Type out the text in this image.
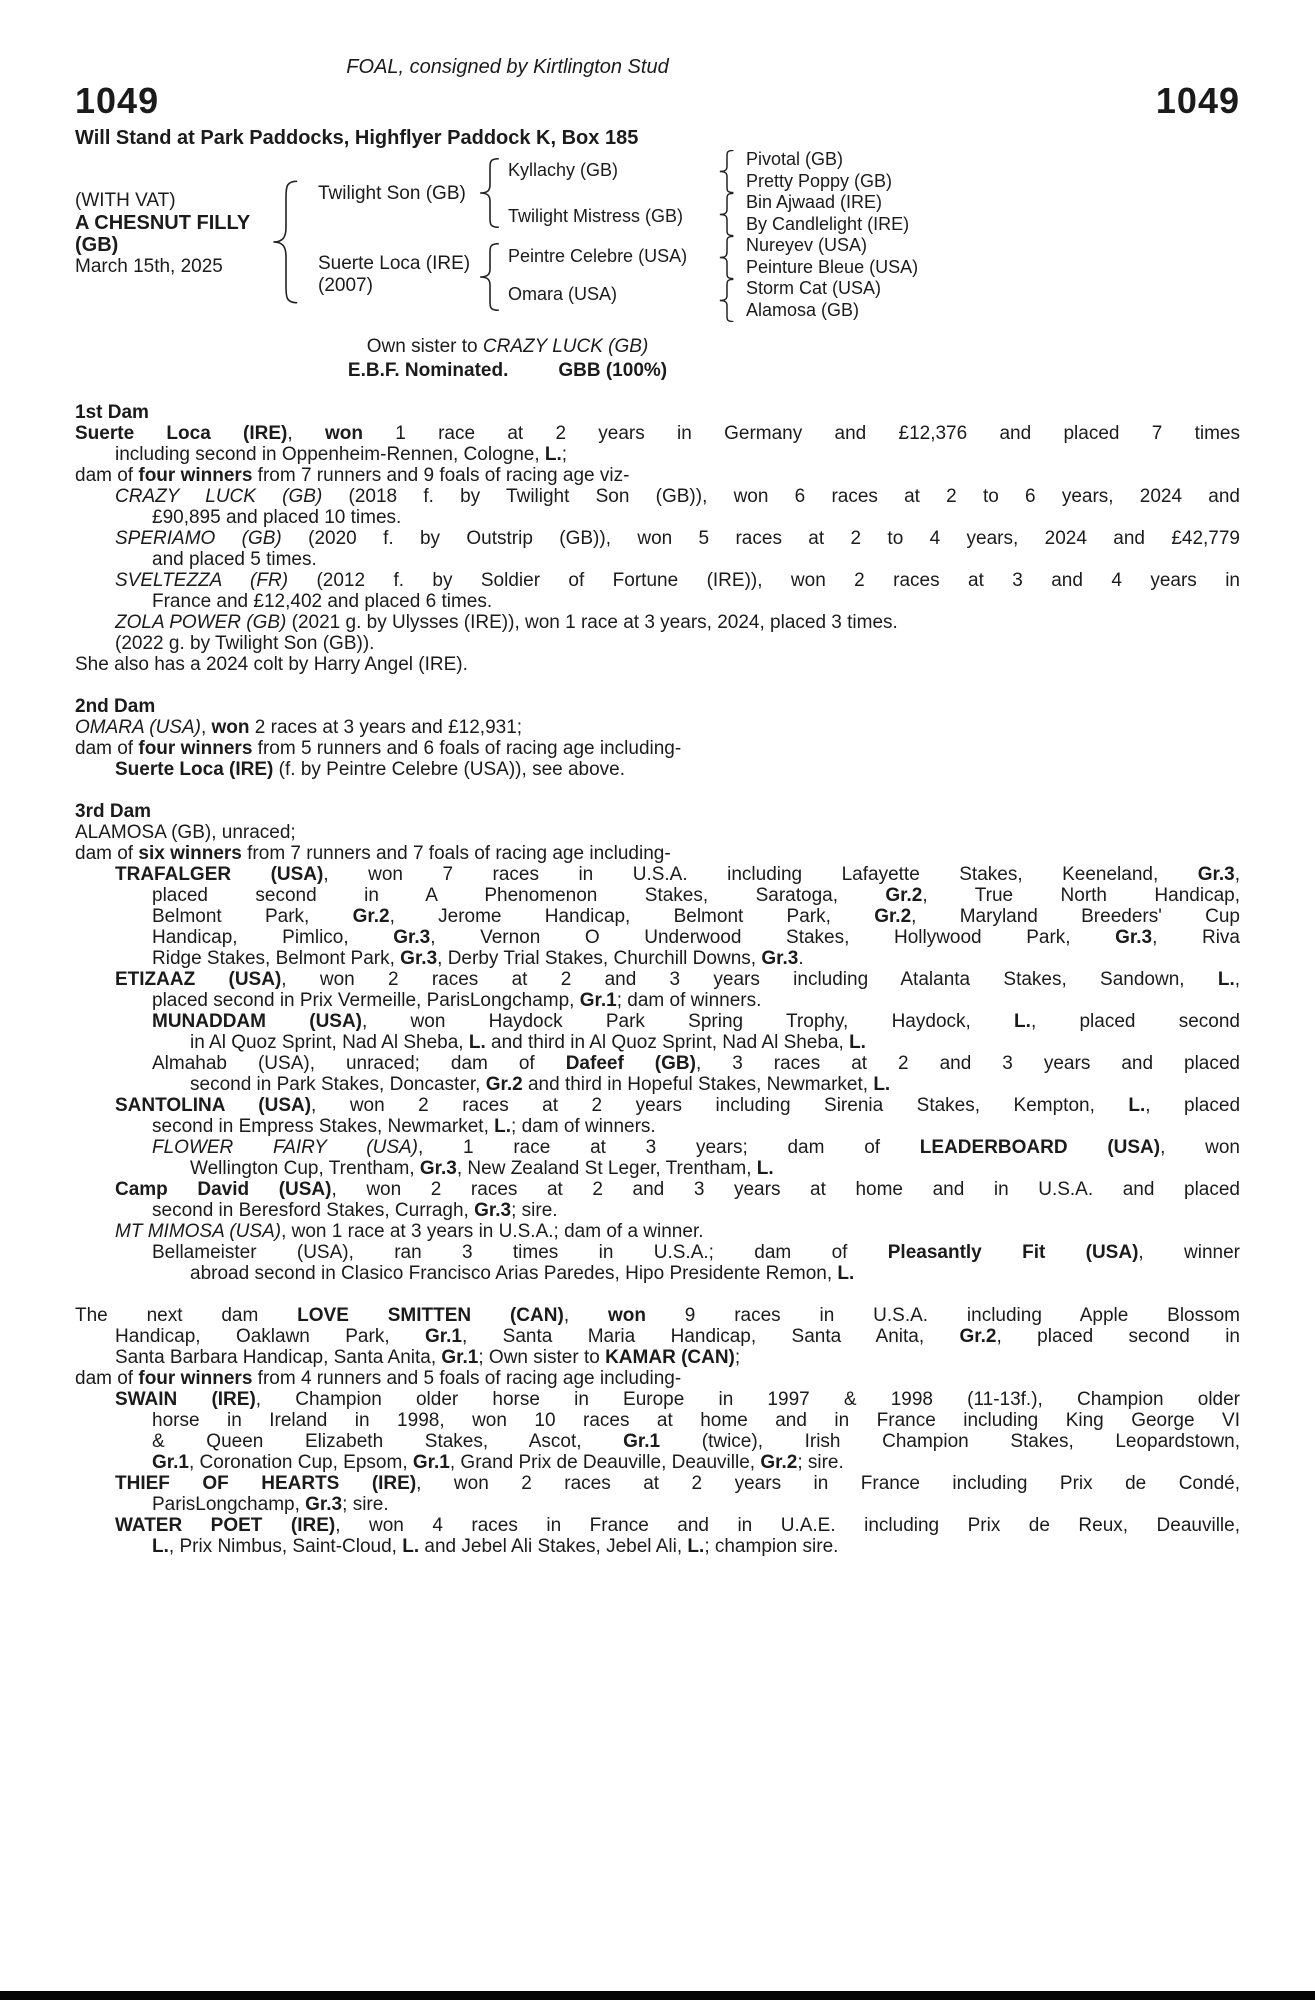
FOAL, consigned by Kirtlington Stud
1049	1049
Will Stand at Park Paddocks, Highflyer Paddock K, Box 185
(WITH VAT)
A CHESNUT FILLY
(GB)
March 15th, 2025
Twilight Son (GB)
Suerte Loca (IRE)
(2007)
Kyllachy (GB)
Twilight Mistress (GB)
Peintre Celebre (USA)
Omara (USA)
Pivotal (GB)
Pretty Poppy (GB)
Bin Ajwaad (IRE)
By Candlelight (IRE)
Nureyev (USA)
Peinture Bleue (USA)
Storm Cat (USA)
Alamosa (GB)
Own sister to CRAZY LUCK (GB)
E.B.F. Nominated.	GBB (100%)
1st Dam
Suerte Loca (IRE), won 1 race at 2 years in Germany and £12,376 and placed 7 times
including second in Oppenheim-Rennen, Cologne, L.;
dam of four winners from 7 runners and 9 foals of racing age viz-
CRAZY LUCK (GB) (2018 f. by Twilight Son (GB)), won 6 races at 2 to 6 years, 2024 and
£90,895 and placed 10 times.
SPERIAMO (GB) (2020 f. by Outstrip (GB)), won 5 races at 2 to 4 years, 2024 and £42,779
and placed 5 times.
SVELTEZZA (FR) (2012 f. by Soldier of Fortune (IRE)), won 2 races at 3 and 4 years in
France and £12,402 and placed 6 times.
ZOLA POWER (GB) (2021 g. by Ulysses (IRE)), won 1 race at 3 years, 2024, placed 3 times.
(2022 g. by Twilight Son (GB)).
She also has a 2024 colt by Harry Angel (IRE).
2nd Dam
OMARA (USA), won 2 races at 3 years and £12,931;
dam of four winners from 5 runners and 6 foals of racing age including-
Suerte Loca (IRE) (f. by Peintre Celebre (USA)), see above.
3rd Dam
ALAMOSA (GB), unraced;
dam of six winners from 7 runners and 7 foals of racing age including-
TRAFALGER (USA), won 7 races in U.S.A. including Lafayette Stakes, Keeneland, Gr.3,
placed second in A Phenomenon Stakes, Saratoga, Gr.2, True North Handicap,
Belmont Park, Gr.2, Jerome Handicap, Belmont Park, Gr.2, Maryland Breeders' Cup
Handicap, Pimlico, Gr.3, Vernon O Underwood Stakes, Hollywood Park, Gr.3, Riva
Ridge Stakes, Belmont Park, Gr.3, Derby Trial Stakes, Churchill Downs, Gr.3.
ETIZAAZ (USA), won 2 races at 2 and 3 years including Atalanta Stakes, Sandown, L.,
placed second in Prix Vermeille, ParisLongchamp, Gr.1; dam of winners.
MUNADDAM (USA), won Haydock Park Spring Trophy, Haydock, L., placed second
in Al Quoz Sprint, Nad Al Sheba, L. and third in Al Quoz Sprint, Nad Al Sheba, L.
Almahab (USA), unraced; dam of Dafeef (GB), 3 races at 2 and 3 years and placed
second in Park Stakes, Doncaster, Gr.2 and third in Hopeful Stakes, Newmarket, L.
SANTOLINA (USA), won 2 races at 2 years including Sirenia Stakes, Kempton, L., placed
second in Empress Stakes, Newmarket, L.; dam of winners.
FLOWER FAIRY (USA), 1 race at 3 years; dam of LEADERBOARD (USA), won
Wellington Cup, Trentham, Gr.3, New Zealand St Leger, Trentham, L.
Camp David (USA), won 2 races at 2 and 3 years at home and in U.S.A. and placed
second in Beresford Stakes, Curragh, Gr.3; sire.
MT MIMOSA (USA), won 1 race at 3 years in U.S.A.; dam of a winner.
Bellameister (USA), ran 3 times in U.S.A.; dam of Pleasantly Fit (USA), winner
abroad second in Clasico Francisco Arias Paredes, Hipo Presidente Remon, L.
The next dam LOVE SMITTEN (CAN), won 9 races in U.S.A. including Apple Blossom
Handicap, Oaklawn Park, Gr.1, Santa Maria Handicap, Santa Anita, Gr.2, placed second in
Santa Barbara Handicap, Santa Anita, Gr.1; Own sister to KAMAR (CAN);
dam of four winners from 4 runners and 5 foals of racing age including-
SWAIN (IRE), Champion older horse in Europe in 1997 & 1998 (11-13f.), Champion older
horse in Ireland in 1998, won 10 races at home and in France including King George VI
& Queen Elizabeth Stakes, Ascot, Gr.1 (twice), Irish Champion Stakes, Leopardstown,
Gr.1, Coronation Cup, Epsom, Gr.1, Grand Prix de Deauville, Deauville, Gr.2; sire.
THIEF OF HEARTS (IRE), won 2 races at 2 years in France including Prix de Condé,
ParisLongchamp, Gr.3; sire.
WATER POET (IRE), won 4 races in France and in U.A.E. including Prix de Reux, Deauville,
L., Prix Nimbus, Saint-Cloud, L. and Jebel Ali Stakes, Jebel Ali, L.; champion sire.
